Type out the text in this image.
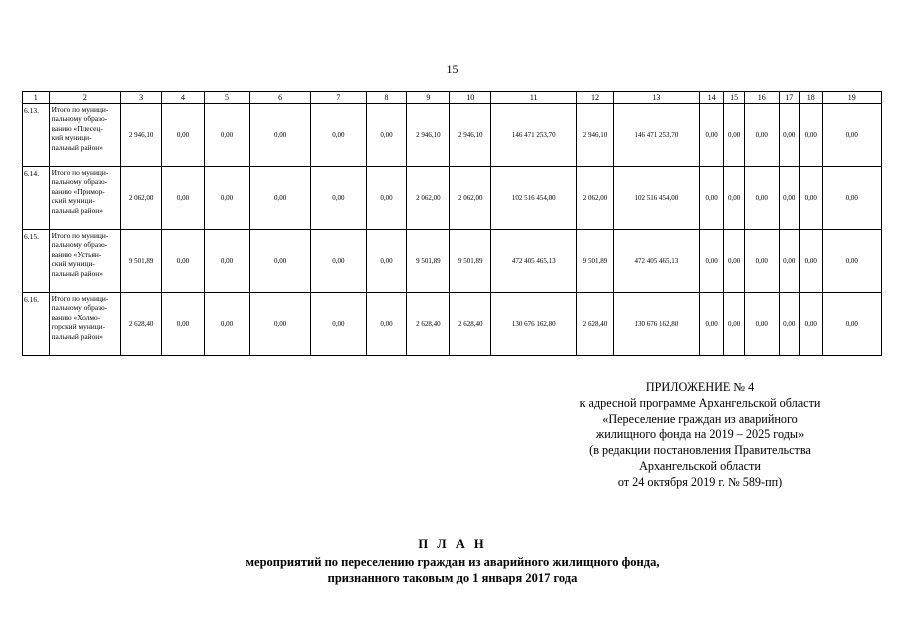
15
1	2	3	4	5	6	7	8	9	10	11	12	13	14	15	16	17	18	19
6.13.	Итого по муници-
пальному образо-
ванию «Плесец-
кий муници-
пальный район»	2 946,10	0,00	0,00	0,00	0,00	0,00	2 946,10	2 946,10	146 471 253,70	2 946,10	146 471 253,70	0,00	0,00	0,00	0,00	0,00	0,00
6.14.	Итого по муници-
пальному образо-
ванию «Примор-
ский муници-
пальный район»	2 062,00	0,00	0,00	0,00	0,00	0,00	2 062,00	2 062,00	102 516 454,00	2 062,00	102 516 454,00	0,00	0,00	0,00	0,00	0,00	0,00
6.15.	Итого по муници-
пальному образо-
ванию «Устьян-
ский муници-
пальный район»	9 501,89	0,00	0,00	0,00	0,00	0,00	9 501,89	9 501,89	472 405 465,13	9 501,89	472 405 465,13	0,00	0,00	0,00	0,00	0,00	0,00
6.16.	Итого по муници-
пальному образо-
ванию «Холмо-
горский муници-
пальный район»	2 628,40	0,00	0,00	0,00	0,00	0,00	2 628,40	2 628,40	130 676 162,80	2 628,40	130 676 162,80	0,00	0,00	0,00	0,00	0,00	0,00
ПРИЛОЖЕНИЕ № 4
к адресной программе Архангельской области
«Переселение граждан из аварийного
жилищного фонда на 2019 – 2025 годы»
(в редакции постановления Правительства
Архангельской области
от 24 октября 2019 г. № 589-пп)
П Л А Н
мероприятий по переселению граждан из аварийного жилищного фонда,
признанного таковым до 1 января 2017 года
